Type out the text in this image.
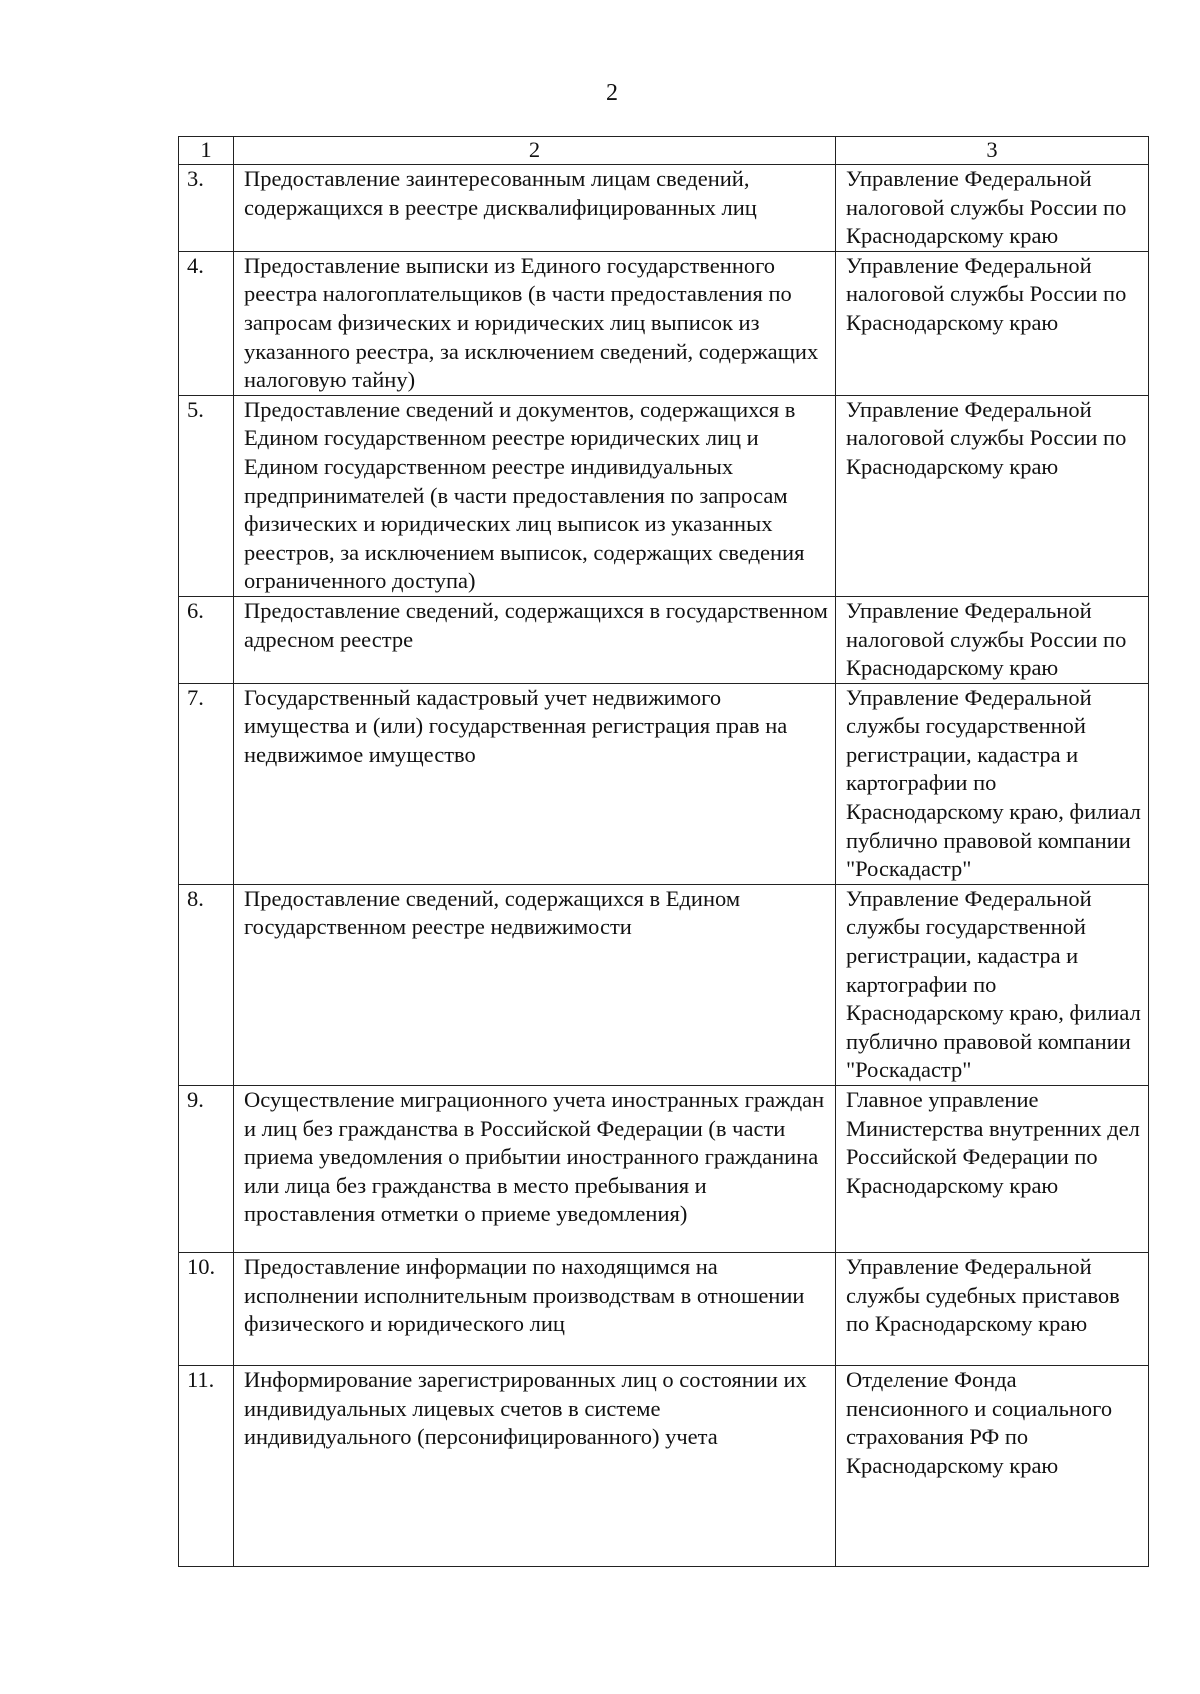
2
1	2	3
3.	Предоставление заинтересованным лицам сведений, содержащихся в реестре дисквалифицированных лиц	Управление Федеральной налоговой службы России по Краснодарскому краю
4.	Предоставление выписки из Единого государственного реестра налогоплательщиков (в части предоставления по запросам физических и юридических лиц выписок из указанного реестра, за исключением сведений, содержащих налоговую тайну)	Управление Федеральной налоговой службы России по Краснодарскому краю
5.	Предоставление сведений и документов, содержащихся в Едином государственном реестре юридических лиц и Едином государственном реестре индивидуальных предпринимателей (в части предоставления по запросам физических и юридических лиц выписок из указанных реестров, за исключением выписок, содержащих сведения ограниченного доступа)	Управление Федеральной налоговой службы России по Краснодарскому краю
6.	Предоставление сведений, содержащихся в государственном адресном реестре	Управление Федеральной налоговой службы России по Краснодарскому краю
7.	Государственный кадастровый учет недвижимого имущества и (или) государственная регистрация прав на недвижимое имущество	Управление Федеральной службы государственной регистрации, кадастра и картографии по Краснодарскому краю, филиал публично правовой компании "Роскадастр"
8.	Предоставление сведений, содержащихся в Едином государственном реестре недвижимости	Управление Федеральной службы государственной регистрации, кадастра и картографии по Краснодарскому краю, филиал публично правовой компании "Роскадастр"
9.	Осуществление миграционного учета иностранных граждан и лиц без гражданства в Российской Федерации (в части приема уведомления о прибытии иностранного гражданина или лица без гражданства в место пребывания и проставления отметки о приеме уведомления)	Главное управление Министерства внутренних дел Российской Федерации по Краснодарскому краю
10.	Предоставление информации по находящимся на исполнении исполнительным производствам в отношении физического и юридического лиц	Управление Федеральной службы судебных приставов по Краснодарскому краю
11.	Информирование зарегистрированных лиц о состоянии их индивидуальных лицевых счетов в системе индивидуального (персонифицированного) учета	Отделение Фонда пенсионного и социального страхования РФ по Краснодарскому краю
